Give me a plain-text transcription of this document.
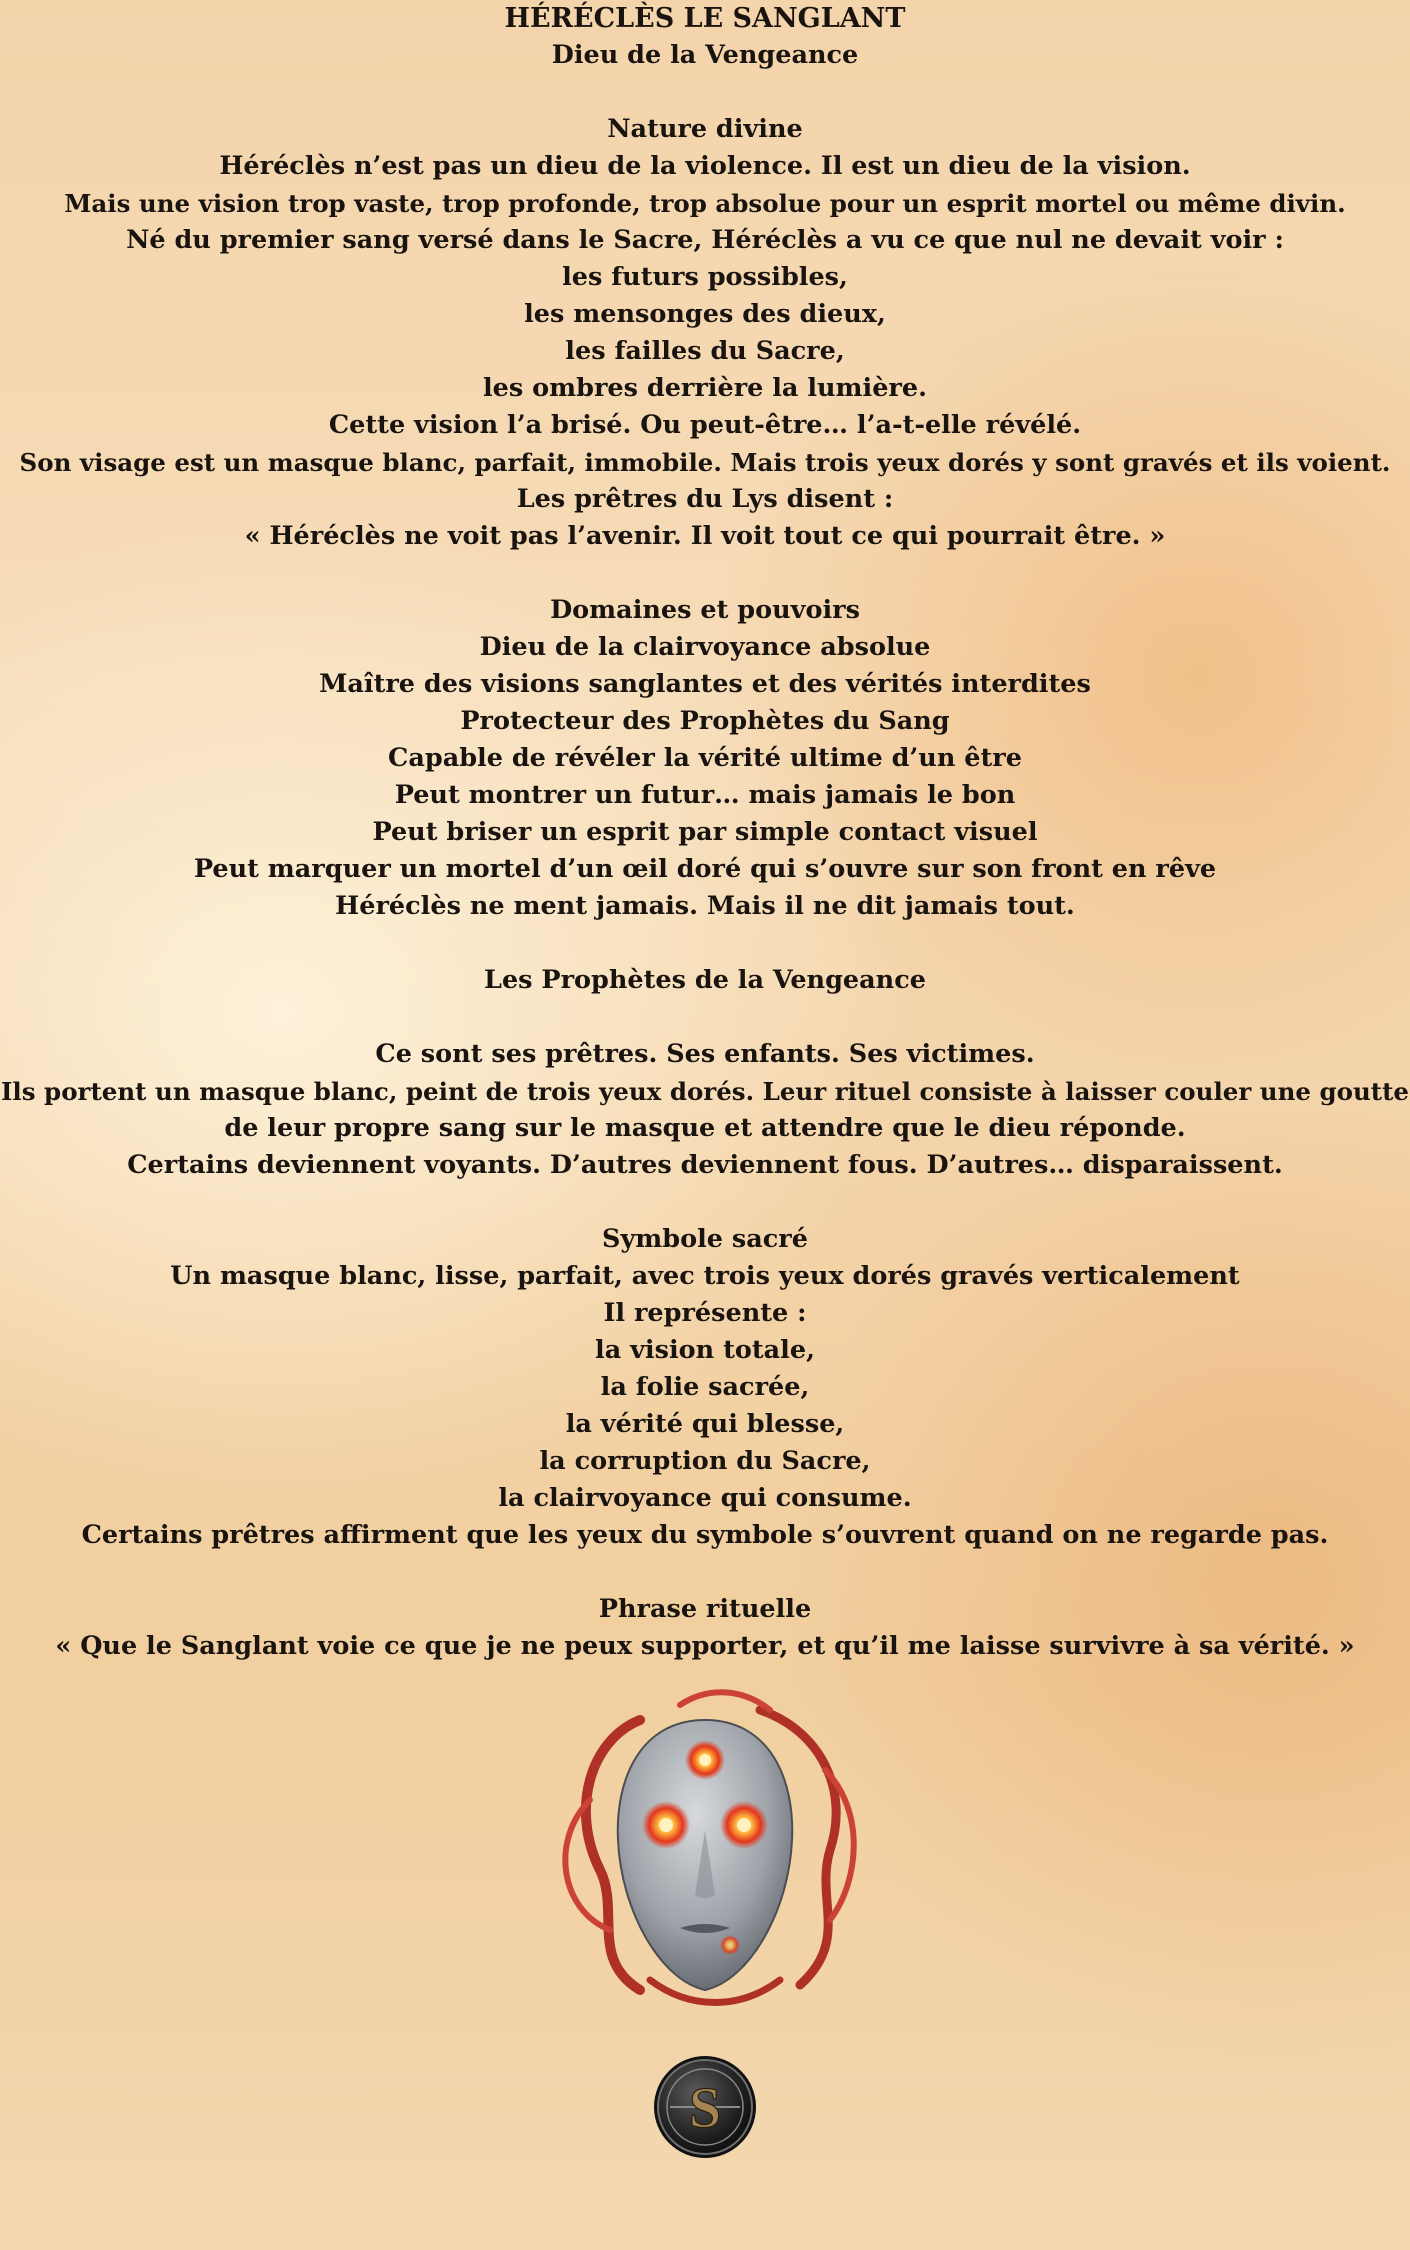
HÉRÉCLÈS LE SANGLANT
Dieu de la Vengeance
Nature divine
Héréclès n’est pas un dieu de la violence. Il est un dieu de la vision.
Mais une vision trop vaste, trop profonde, trop absolue pour un esprit mortel ou même divin.
Né du premier sang versé dans le Sacre, Héréclès a vu ce que nul ne devait voir :
les futurs possibles,
les mensonges des dieux,
les failles du Sacre,
les ombres derrière la lumière.
Cette vision l’a brisé. Ou peut-être… l’a-t-elle révélé.
Son visage est un masque blanc, parfait, immobile. Mais trois yeux dorés y sont gravés et ils voient.
Les prêtres du Lys disent :
« Héréclès ne voit pas l’avenir. Il voit tout ce qui pourrait être. »
Domaines et pouvoirs
Dieu de la clairvoyance absolue
Maître des visions sanglantes et des vérités interdites
Protecteur des Prophètes du Sang
Capable de révéler la vérité ultime d’un être
Peut montrer un futur… mais jamais le bon
Peut briser un esprit par simple contact visuel
Peut marquer un mortel d’un œil doré qui s’ouvre sur son front en rêve
Héréclès ne ment jamais. Mais il ne dit jamais tout.
Les Prophètes de la Vengeance
Ce sont ses prêtres. Ses enfants. Ses victimes.
Ils portent un masque blanc, peint de trois yeux dorés. Leur rituel consiste à laisser couler une goutte
de leur propre sang sur le masque et attendre que le dieu réponde.
Certains deviennent voyants. D’autres deviennent fous. D’autres… disparaissent.
Symbole sacré
Un masque blanc, lisse, parfait, avec trois yeux dorés gravés verticalement
Il représente :
la vision totale,
la folie sacrée,
la vérité qui blesse,
la corruption du Sacre,
la clairvoyance qui consume.
Certains prêtres affirment que les yeux du symbole s’ouvrent quand on ne regarde pas.
Phrase rituelle
« Que le Sanglant voie ce que je ne peux supporter, et qu’il me laisse survivre à sa vérité. »
S
